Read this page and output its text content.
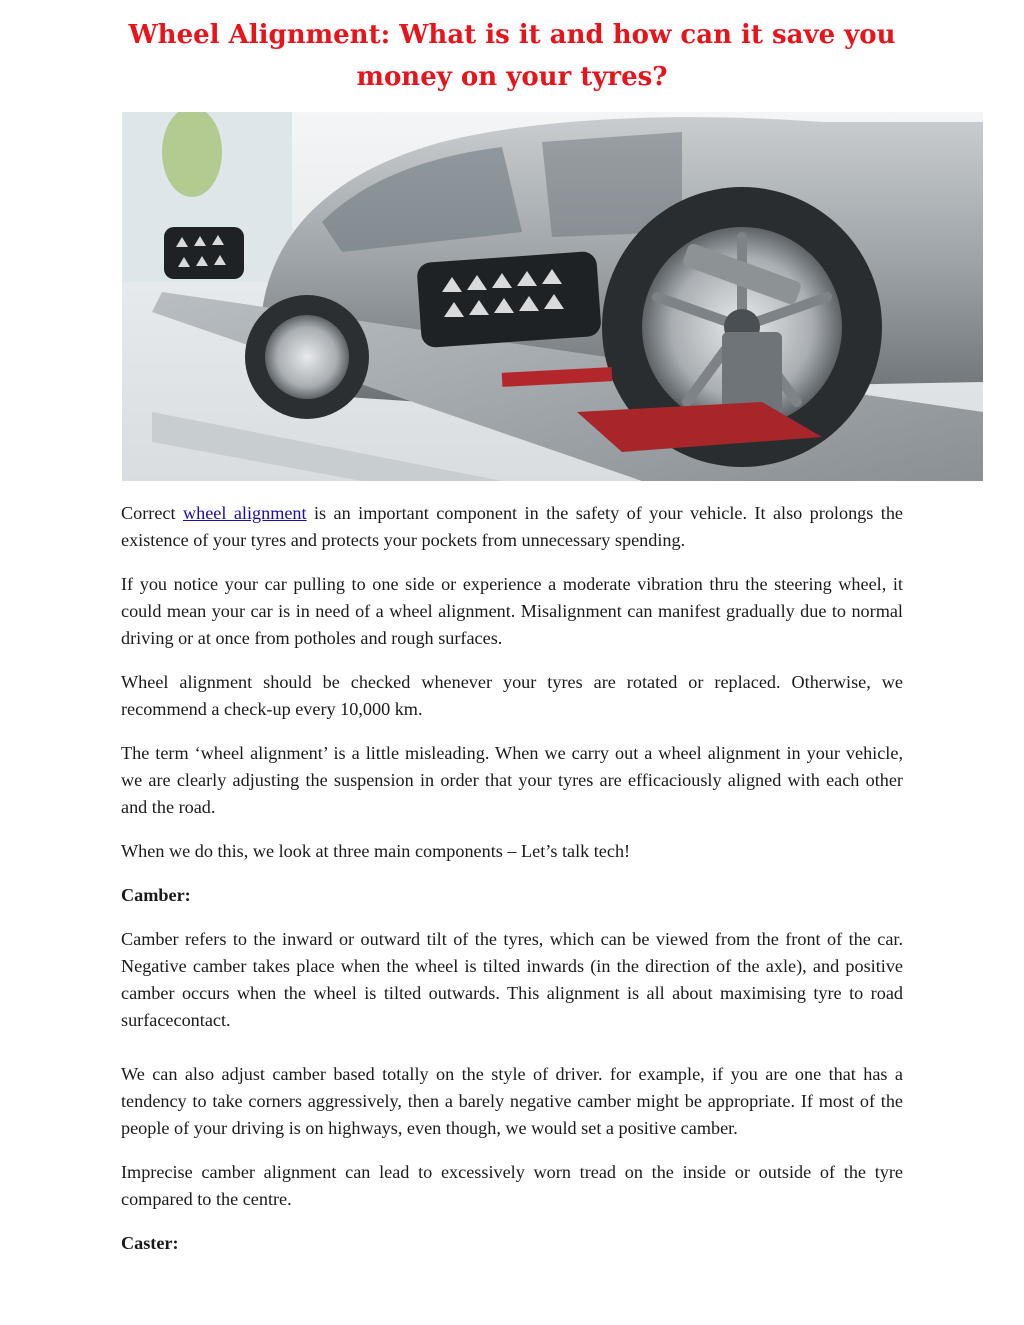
Wheel Alignment: What is it and how can it save you money on your tyres?

Correct wheel alignment is an important component in the safety of your vehicle. It also prolongs the existence of your tyres and protects your pockets from unnecessary spending.

If you notice your car pulling to one side or experience a moderate vibration thru the steering wheel, it could mean your car is in need of a wheel alignment. Misalignment can manifest gradually due to normal driving or at once from potholes and rough surfaces.

Wheel alignment should be checked whenever your tyres are rotated or replaced. Otherwise, we recommend a check-up every 10,000 km.

The term ‘wheel alignment’ is a little misleading. When we carry out a wheel alignment in your vehicle, we are clearly adjusting the suspension in order that your tyres are efficaciously aligned with each other and the road.

When we do this, we look at three main components – Let’s talk tech!

Camber:

Camber refers to the inward or outward tilt of the tyres, which can be viewed from the front of the car. Negative camber takes place when the wheel is tilted inwards (in the direction of the axle), and positive camber occurs when the wheel is tilted outwards. This alignment is all about maximising tyre to road surfacecontact.

We can also adjust camber based totally on the style of driver. for example, if you are one that has a tendency to take corners aggressively, then a barely negative camber might be appropriate. If most of the people of your driving is on highways, even though, we would set a positive camber.

Imprecise camber alignment can lead to excessively worn tread on the inside or outside of the tyre compared to the centre.

Caster:
